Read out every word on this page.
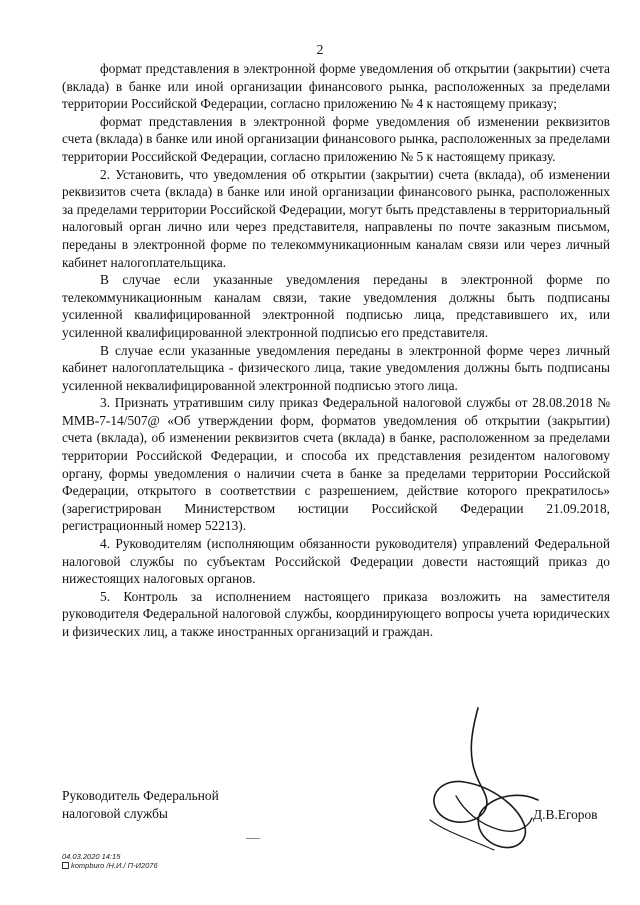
2

формат представления в электронной форме уведомления об открытии (закрытии) счета (вклада) в банке или иной организации финансового рынка, расположенных за пределами территории Российской Федерации, согласно приложению № 4 к настоящему приказу;

формат представления в электронной форме уведомления об изменении реквизитов счета (вклада) в банке или иной организации финансового рынка, расположенных за пределами территории Российской Федерации, согласно приложению № 5 к настоящему приказу.

2. Установить, что уведомления об открытии (закрытии) счета (вклада), об изменении реквизитов счета (вклада) в банке или иной организации финансового рынка, расположенных за пределами территории Российской Федерации, могут быть представлены в территориальный налоговый орган лично или через представителя, направлены по почте заказным письмом, переданы в электронной форме по телекоммуникационным каналам связи или через личный кабинет налогоплательщика.

В случае если указанные уведомления переданы в электронной форме по телекоммуникационным каналам связи, такие уведомления должны быть подписаны усиленной квалифицированной электронной подписью лица, представившего их, или усиленной квалифицированной электронной подписью его представителя.

В случае если указанные уведомления переданы в электронной форме через личный кабинет налогоплательщика - физического лица, такие уведомления должны быть подписаны усиленной неквалифицированной электронной подписью этого лица.

3. Признать утратившим силу приказ Федеральной налоговой службы от 28.08.2018 № ММВ-7-14/507@ «Об утверждении форм, форматов уведомления об открытии (закрытии) счета (вклада), об изменении реквизитов счета (вклада) в банке, расположенном за пределами территории Российской Федерации, и способа их представления резидентом налоговому органу, формы уведомления о наличии счета в банке за пределами территории Российской Федерации, открытого в соответствии с разрешением, действие которого прекратилось» (зарегистрирован Министерством юстиции Российской Федерации 21.09.2018, регистрационный номер 52213).

4. Руководителям (исполняющим обязанности руководителя) управлений Федеральной налоговой службы по субъектам Российской Федерации довести настоящий приказ до нижестоящих налоговых органов.

5. Контроль за исполнением настоящего приказа возложить на заместителя руководителя Федеральной налоговой службы, координирующего вопросы учета юридических и физических лиц, а также иностранных организаций и граждан.

Руководитель Федеральной
налоговой службы	Д.В.Егоров
04.03.2020 14:15
kompburo /Н.И./ П-И2076
